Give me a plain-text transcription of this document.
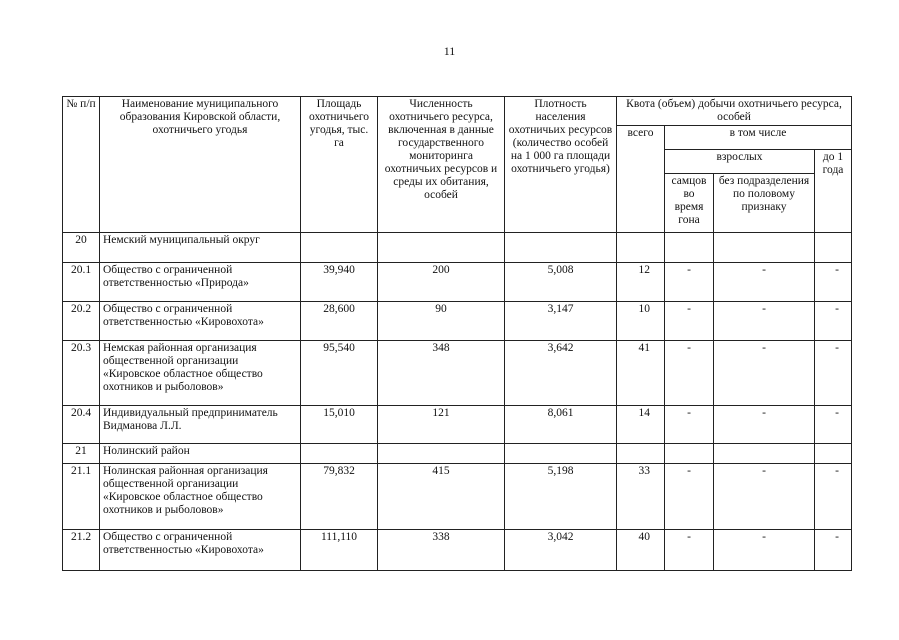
11
№ п/п	Наименование муниципального образования Кировской области, охотничьего угодья	Площадь охотничьего угодья, тыс. га	Численность охотничьего ресурса, включенная в данные государственного мониторинга охотничьих ресурсов и среды их обитания, особей	Плотность населения охотничьих ресурсов (количество особей на 1 000 га площади охотничьего угодья)	Квота (объем) добычи охотничьего ресурса, особей			
					всего	в том числе		
						взрослых		до 1 года
						самцов во время гона	без подразделения по половому признаку	
20	Немский муниципальный округ							
20.1	Общество с ограниченной ответственностью «Природа»	39,940	200	5,008	12	-	-	-
20.2	Общество с ограниченной ответственностью «Кировохота»	28,600	90	3,147	10	-	-	-
20.3	Немская районная организация общественной организации «Кировское областное общество охотников и рыболовов»	95,540	348	3,642	41	-	-	-
20.4	Индивидуальный предприниматель Видманова Л.Л.	15,010	121	8,061	14	-	-	-
21	Нолинский район							
21.1	Нолинская районная организация общественной организации «Кировское областное общество охотников и рыболовов»	79,832	415	5,198	33	-	-	-
21.2	Общество с ограниченной ответственностью «Кировохота»	111,110	338	3,042	40	-	-	-
